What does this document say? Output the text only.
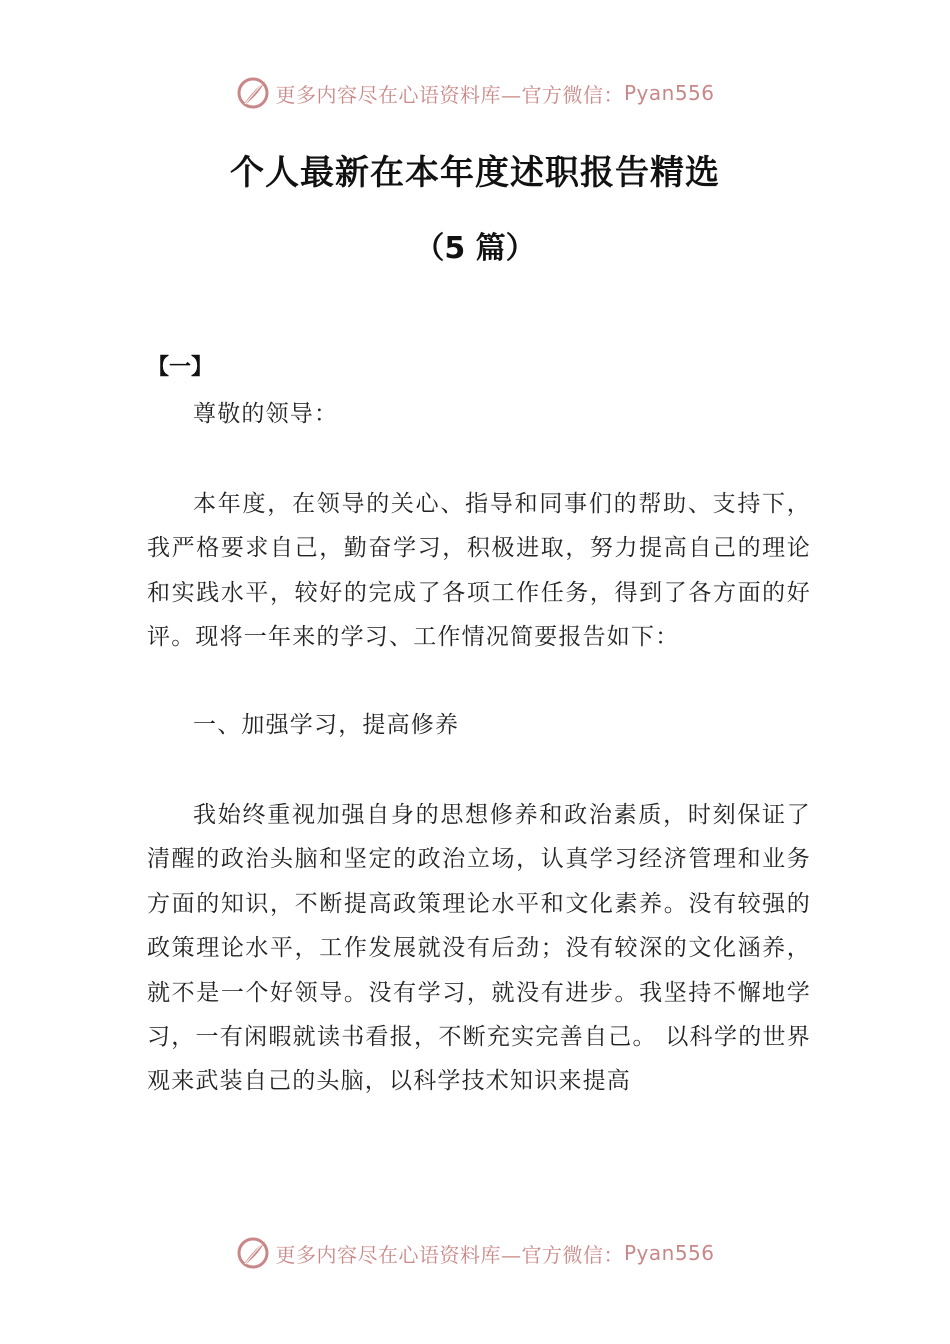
更多内容尽在心语资料库—官方微信： Pyan556
个人最新在本年度述职报告精选
（5 篇）
【一】

尊敬的领导：

本年度，在领导的关心、指导和同事们的帮助、支持下，我严格要求自己，勤奋学习，积极进取，努力提高自己的理论和实践水平，较好的完成了各项工作任务，得到了各方面的好评。现将一年来的学习、工作情况简要报告如下：

一、加强学习，提高修养

我始终重视加强自身的思想修养和政治素质，时刻保证了清醒的政治头脑和坚定的政治立场，认真学习经济管理和业务方面的知识，不断提高政策理论水平和文化素养。没有较强的政策理论水平，工作发展就没有后劲；没有较深的文化涵养，就不是一个好领导。没有学习，就没有进步。我坚持不懈地学习，一有闲暇就读书看报，不断充实完善自己。 以科学的世界观来武装自己的头脑，以科学技术知识来提高

更多内容尽在心语资料库—官方微信： Pyan556
